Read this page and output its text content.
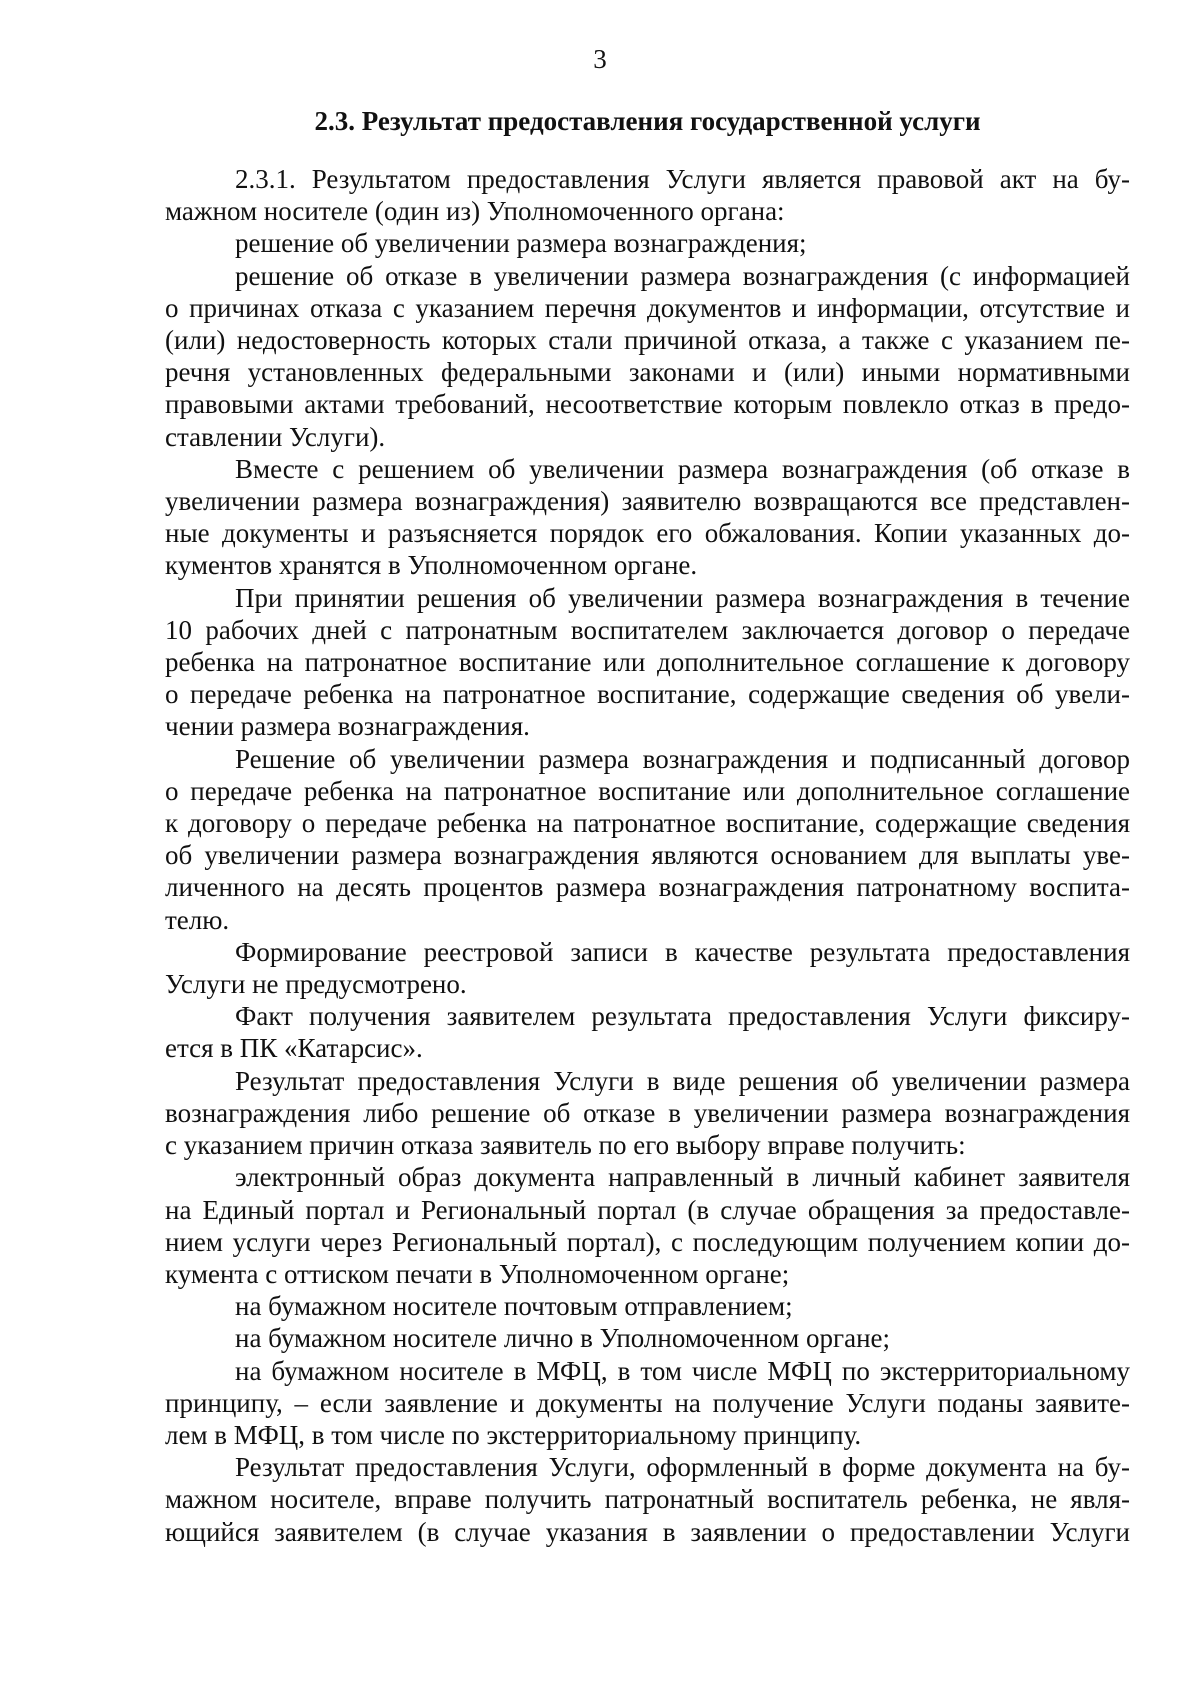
3
2.3. Результат предоставления государственной услуги
2.3.1. Результатом предоставления Услуги является правовой акт на бу-
мажном носителе (один из) Уполномоченного органа:
решение об увеличении размера вознаграждения;
решение об отказе в увеличении размера вознаграждения (с информацией
о причинах отказа с указанием перечня документов и информации, отсутствие и
(или) недостоверность которых стали причиной отказа, а также с указанием пе-
речня установленных федеральными законами и (или) иными нормативными
правовыми актами требований, несоответствие которым повлекло отказ в предо-
ставлении Услуги).
Вместе с решением об увеличении размера вознаграждения (об отказе в
увеличении размера вознаграждения) заявителю возвращаются все представлен-
ные документы и разъясняется порядок его обжалования. Копии указанных до-
кументов хранятся в Уполномоченном органе.
При принятии решения об увеличении размера вознаграждения в течение
10 рабочих дней с патронатным воспитателем заключается договор о передаче
ребенка на патронатное воспитание или дополнительное соглашение к договору
о передаче ребенка на патронатное воспитание, содержащие сведения об увели-
чении размера вознаграждения.
Решение об увеличении размера вознаграждения и подписанный договор
о передаче ребенка на патронатное воспитание или дополнительное соглашение
к договору о передаче ребенка на патронатное воспитание, содержащие сведения
об увеличении размера вознаграждения являются основанием для выплаты уве-
личенного на десять процентов размера вознаграждения патронатному воспита-
телю.
Формирование реестровой записи в качестве результата предоставления
Услуги не предусмотрено.
Факт получения заявителем результата предоставления Услуги фиксиру-
ется в ПК «Катарсис».
Результат предоставления Услуги в виде решения об увеличении размера
вознаграждения либо решение об отказе в увеличении размера вознаграждения
с указанием причин отказа заявитель по его выбору вправе получить:
электронный образ документа направленный в личный кабинет заявителя
на Единый портал и Региональный портал (в случае обращения за предоставле-
нием услуги через Региональный портал), с последующим получением копии до-
кумента с оттиском печати в Уполномоченном органе;
на бумажном носителе почтовым отправлением;
на бумажном носителе лично в Уполномоченном органе;
на бумажном носителе в МФЦ, в том числе МФЦ по экстерриториальному
принципу, – если заявление и документы на получение Услуги поданы заявите-
лем в МФЦ, в том числе по экстерриториальному принципу.
Результат предоставления Услуги, оформленный в форме документа на бу-
мажном носителе, вправе получить патронатный воспитатель ребенка, не явля-
ющийся заявителем (в случае указания в заявлении о предоставлении Услуги
